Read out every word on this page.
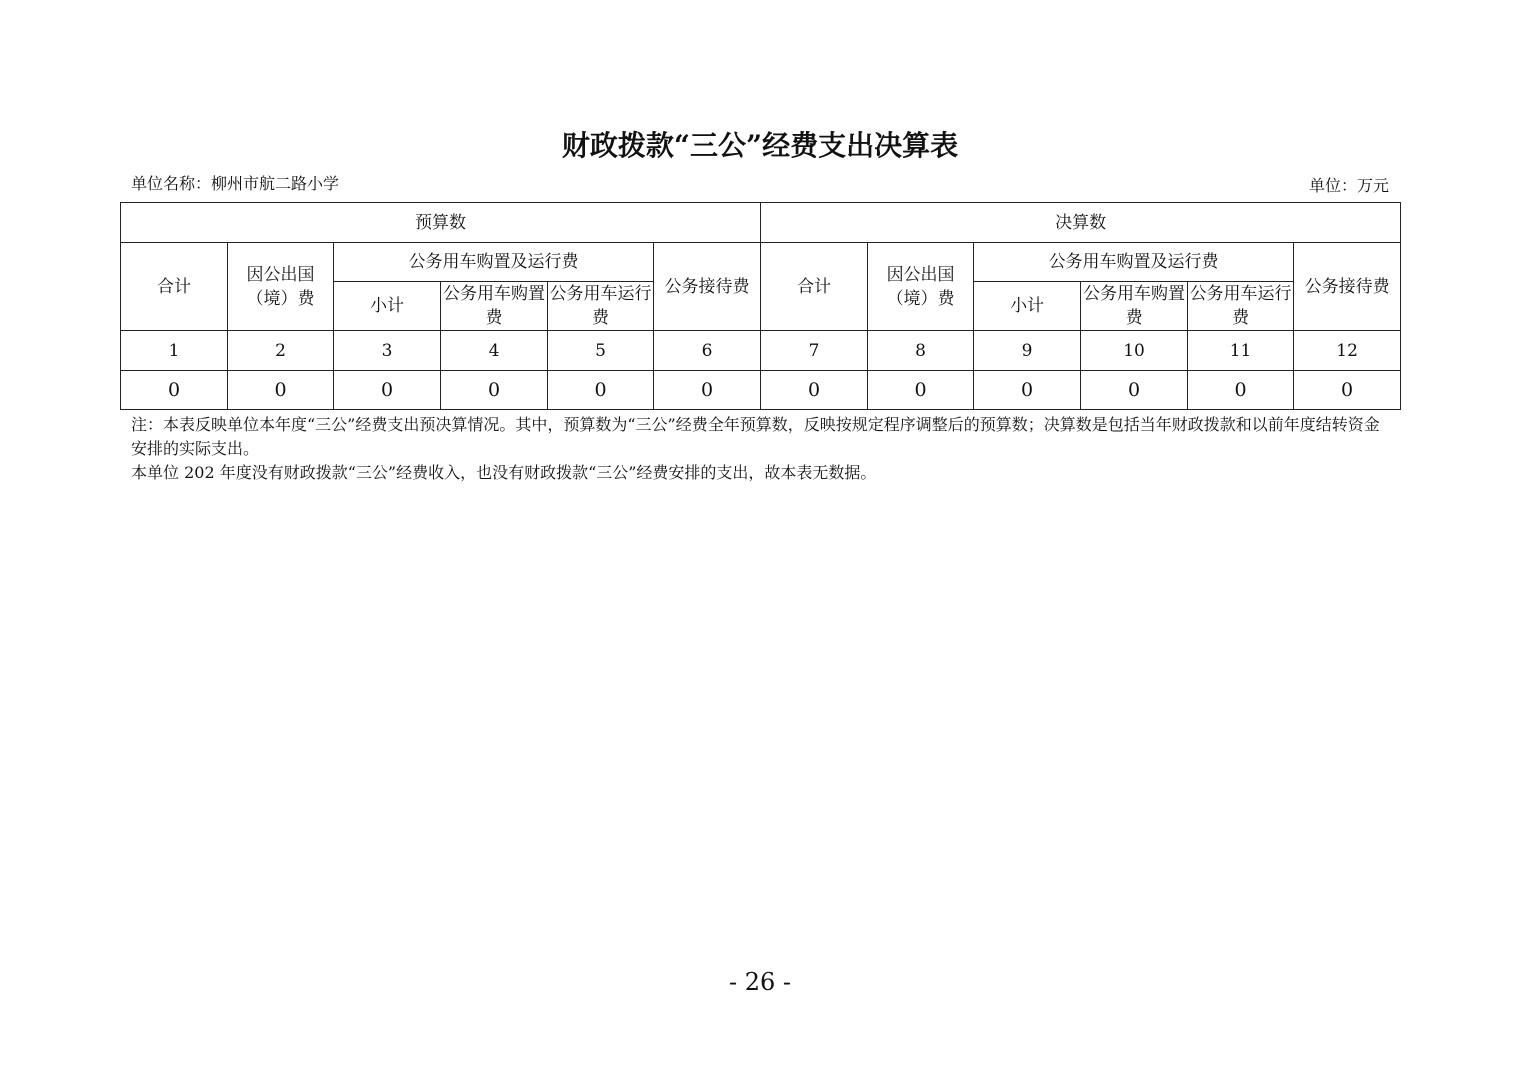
财政拨款“三公”经费支出决算表
单位名称：柳州市航二路小学	单位：万元
预算数						决算数					
合计	因公出国（境）费	公务用车购置及运行费			公务接待费	合计	因公出国（境）费	公务用车购置及运行费			公务接待费
		小计	公务用车购置费	公务用车运行费				小计	公务用车购置费	公务用车运行费	
1	2	3	4	5	6	7	8	9	10	11	12
0	0	0	0	0	0	0	0	0	0	0	0

注：本表反映单位本年度“三公”经费支出预决算情况。其中，预算数为“三公”经费全年预算数，反映按规定程序调整后的预算数；决算数是包括当年财政拨款和以前年度结转资金安排的实际支出。

本单位 202 年度没有财政拨款“三公”经费收入，也没有财政拨款“三公”经费安排的支出，故本表无数据。

- 26 -
